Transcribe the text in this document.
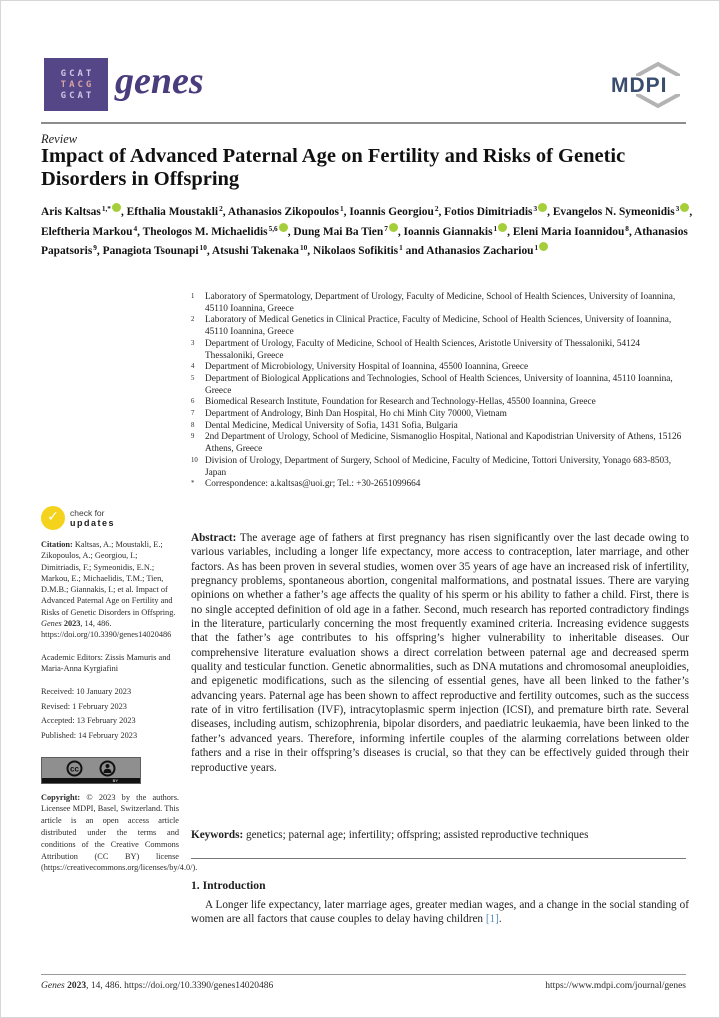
GCAT
TACG
GCAT genes	MDPI
Review
Impact of Advanced Paternal Age on Fertility and Risks of Genetic Disorders in Offspring
Aris Kaltsas$^{1,*}$ , Efthalia Moustakli$^2$, Athanasios Zikopoulos$^1$, Ioannis Georgiou$^2$, Fotios Dimitriadis$^3$ , Evangelos N. Symeonidis$^3$ , Eleftheria Markou$^4$, Theologos M. Michaelidis$^{5,6}$ , Dung Mai Ba Tien$^7$ , Ioannis Giannakis$^1$ , Eleni Maria Ioannidou$^8$, Athanasios Papatsoris$^9$, Panagiota Tsounapi$^{10}$, Atsushi Takenaka$^{10}$, Nikolaos Sofikitis$^1$ and Athanasios Zachariou$^1$
1	Laboratory of Spermatology, Department of Urology, Faculty of Medicine, School of Health Sciences, University of Ioannina, 45110 Ioannina, Greece
2	Laboratory of Medical Genetics in Clinical Practice, Faculty of Medicine, School of Health Sciences, University of Ioannina, 45110 Ioannina, Greece
3	Department of Urology, Faculty of Medicine, School of Health Sciences, Aristotle University of Thessaloniki, 54124 Thessaloniki, Greece
4	Department of Microbiology, University Hospital of Ioannina, 45500 Ioannina, Greece
5	Department of Biological Applications and Technologies, School of Health Sciences, University of Ioannina, 45110 Ioannina, Greece
6	Biomedical Research Institute, Foundation for Research and Technology-Hellas, 45500 Ioannina, Greece
7	Department of Andrology, Binh Dan Hospital, Ho chi Minh City 70000, Vietnam
8	Dental Medicine, Medical University of Sofia, 1431 Sofia, Bulgaria
9	2nd Department of Urology, School of Medicine, Sismanoglio Hospital, National and Kapodistrian University of Athens, 15126 Athens, Greece
10 Division of Urology, Department of Surgery, School of Medicine, Faculty of Medicine, Tottori University, Yonago 683-8503, Japan
*	Correspondence: a.kaltsas@uoi.gr; Tel.: +30-2651099664
✓	check for
updates

Citation: Kaltsas, A.; Moustakli, E.; Zikopoulos, A.; Georgiou, I.; Dimitriadis, F.; Symeonidis, E.N.; Markou, E.; Michaelidis, T.M.; Tien, D.M.B.; Giannakis, I.; et al. Impact of Advanced Paternal Age on Fertility and Risks of Genetic Disorders in Offspring. Genes 2023, 14, 486. https://doi.org/10.3390/genes14020486

Academic Editors: Zissis Mamuris and Maria-Anna Kyrgiafini

Received: 10 January 2023
Revised: 1 February 2023
Accepted: 13 February 2023
Published: 14 February 2023
cc
BY

Copyright: © 2023 by the authors. Licensee MDPI, Basel, Switzerland. This article is an open access article distributed under the terms and conditions of the Creative Commons Attribution (CC BY) license (https://creativecommons.org/licenses/by/4.0/).

Abstract: The average age of fathers at first pregnancy has risen significantly over the last decade owing to various variables, including a longer life expectancy, more access to contraception, later marriage, and other factors. As has been proven in several studies, women over 35 years of age have an increased risk of infertility, pregnancy problems, spontaneous abortion, congenital malformations, and postnatal issues. There are varying opinions on whether a father’s age affects the quality of his sperm or his ability to father a child. First, there is no single accepted definition of old age in a father. Second, much research has reported contradictory findings in the literature, particularly concerning the most frequently examined criteria. Increasing evidence suggests that the father’s age contributes to his offspring’s higher vulnerability to inheritable diseases. Our comprehensive literature evaluation shows a direct correlation between paternal age and decreased sperm quality and testicular function. Genetic abnormalities, such as DNA mutations and chromosomal aneuploidies, and epigenetic modifications, such as the silencing of essential genes, have all been linked to the father’s advancing years. Paternal age has been shown to affect reproductive and fertility outcomes, such as the success rate of in vitro fertilisation (IVF), intracytoplasmic sperm injection (ICSI), and premature birth rate. Several diseases, including autism, schizophrenia, bipolar disorders, and paediatric leukaemia, have been linked to the father’s advanced years. Therefore, informing infertile couples of the alarming correlations between older fathers and a rise in their offspring’s diseases is crucial, so that they can be effectively guided through their reproductive years.

Keywords: genetics; paternal age; infertility; offspring; assisted reproductive techniques

1. Introduction

A Longer life expectancy, later marriage ages, greater median wages, and a change in the social standing of women are all factors that cause couples to delay having children [1].

Genes 2023, 14, 486. https://doi.org/10.3390/genes14020486	https://www.mdpi.com/journal/genes
